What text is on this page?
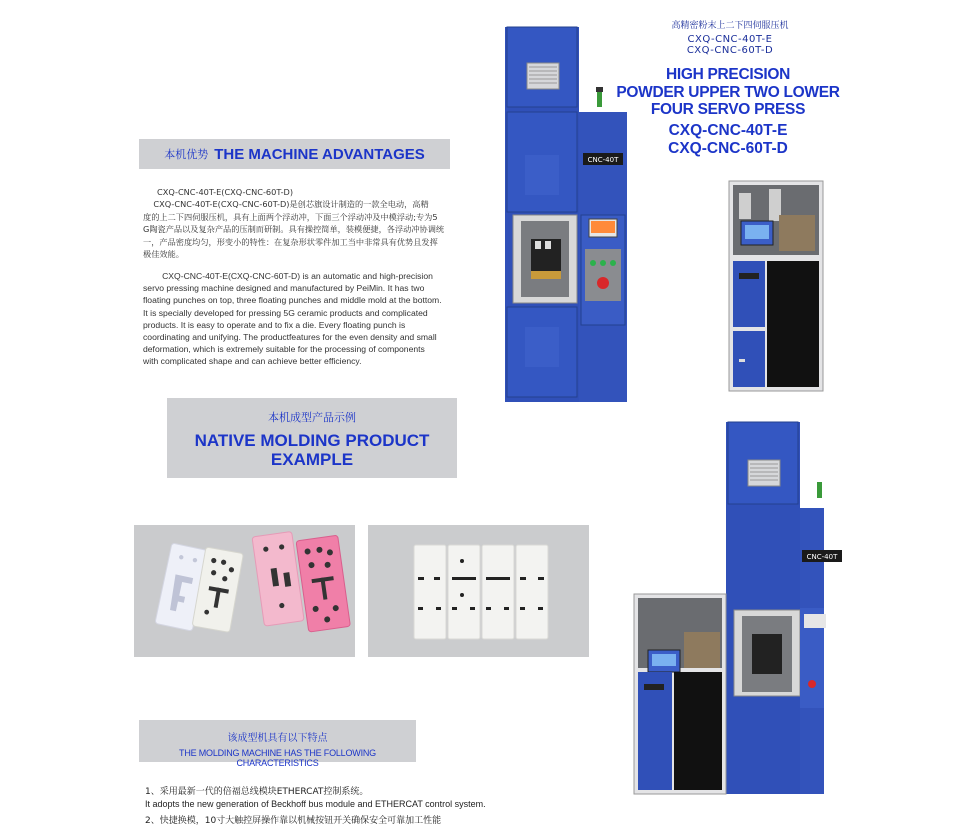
高精密粉末上二下四伺服压机
CXQ-CNC-40T-E
CXQ-CNC-60T-D
HIGH PRECISION
POWDER UPPER TWO LOWER
FOUR SERVO PRESS
CXQ-CNC-40T-E
CXQ-CNC-60T-D
本机优势 THE MACHINE ADVANTAGES
CXQ-CNC-40T-E(CXQ-CNC-60T-D)
CXQ-CNC-40T-E(CXQ-CNC-60T-D)是创芯旗设计制造的一款全电动，高精
度的上二下四伺服压机，具有上面两个浮动冲，下面三个浮动冲及中模浮动;专为5
G陶瓷产品以及复杂产品的压制而研制。具有操控简单，装模便捷，各浮动冲协调统
一，产品密度均匀，形变小的特性：在复杂形状零件加工当中非常具有优势且发挥
极佳效能。
CXQ-CNC-40T-E(CXQ-CNC-60T-D) is an automatic and high-precision
servo pressing machine designed and manufactured by PeiMin. It has two
floating punches on top, three floating punches and middle mold at the bottom.
It is specially developed for pressing 5G ceramic products and complicated
products. It is easy to operate and to fix a die. Every floating punch is
coordinating and unifying. The productfeatures for the even density and small
deformation, which is extremely suitable for the processing of components
with complicated shape and can achieve better efficiency.
本机成型产品示例
NATIVE MOLDING PRODUCT
EXAMPLE
该成型机具有以下特点
THE MOLDING MACHINE HAS THE FOLLOWING CHARACTERISTICS
1、采用最新一代的倍福总线模块ETHERCAT控制系统。
It adopts the new generation of Beckhoff bus module and ETHERCAT control system.
2、快捷换模，10寸大触控屏操作靠以机械按钮开关确保安全可靠加工性能
CNC-40T
CNC-40T
